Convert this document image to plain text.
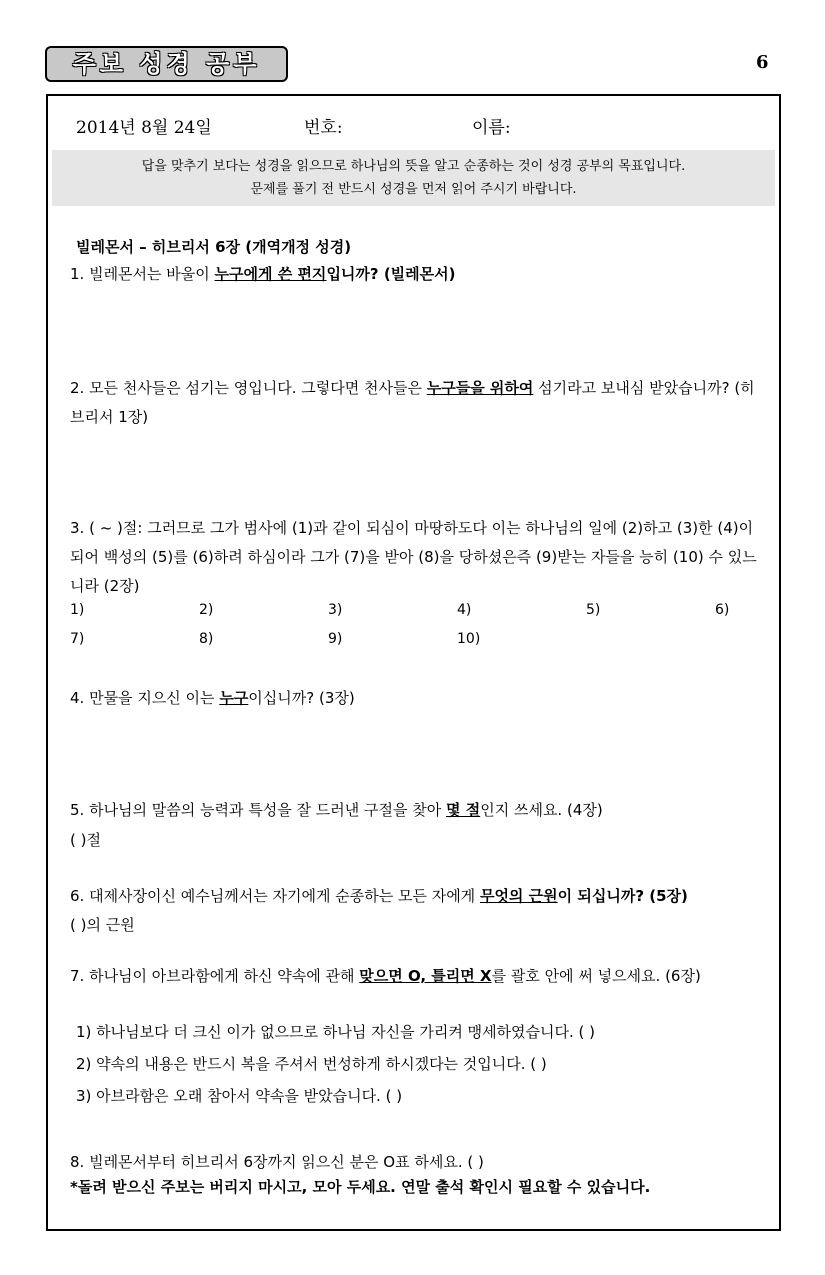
주보 성경 공부	6
2014년 8월 24일	번호:	이름:
답을 맞추기 보다는 성경을 읽으므로 하나님의 뜻을 알고 순종하는 것이 성경 공부의 목표입니다.
문제를 풀기 전 반드시 성경을 먼저 읽어 주시기 바랍니다.
빌레몬서 – 히브리서 6장 (개역개정 성경)
1. 빌레몬서는 바울이 누구에게 쓴 편지입니까? (빌레몬서)
2. 모든 천사들은 섬기는 영입니다. 그렇다면 천사들은 누구들을 위하여 섬기라고 보내심 받았습니까? (히브리서 1장)
3. ( ~ )절: 그러므로 그가 범사에 (1)과 같이 되심이 마땅하도다 이는 하나님의 일에 (2)하고 (3)한 (4)이 되어 백성의 (5)를 (6)하려 하심이라 그가 (7)을 받아 (8)을 당하셨은즉 (9)받는 자들을 능히 (10) 수 있느니라 (2장)
1)	2)	3)	4)	5)	6)
7)	8)	9)	10)
4. 만물을 지으신 이는 누구이십니까? (3장)
5. 하나님의 말씀의 능력과 특성을 잘 드러낸 구절을 찾아 몇 절인지 쓰세요. (4장)
( )절
6. 대제사장이신 예수님께서는 자기에게 순종하는 모든 자에게 무엇의 근원이 되십니까? (5장)
( )의 근원
7. 하나님이 아브라함에게 하신 약속에 관해 맞으면 O, 틀리면 X를 괄호 안에 써 넣으세요. (6장)
1) 하나님보다 더 크신 이가 없으므로 하나님 자신을 가리켜 맹세하였습니다. ( )
2) 약속의 내용은 반드시 복을 주셔서 번성하게 하시겠다는 것입니다. ( )
3) 아브라함은 오래 참아서 약속을 받았습니다. ( )
8. 빌레몬서부터 히브리서 6장까지 읽으신 분은 O표 하세요. ( )
*돌려 받으신 주보는 버리지 마시고, 모아 두세요. 연말 출석 확인시 필요할 수 있습니다.
